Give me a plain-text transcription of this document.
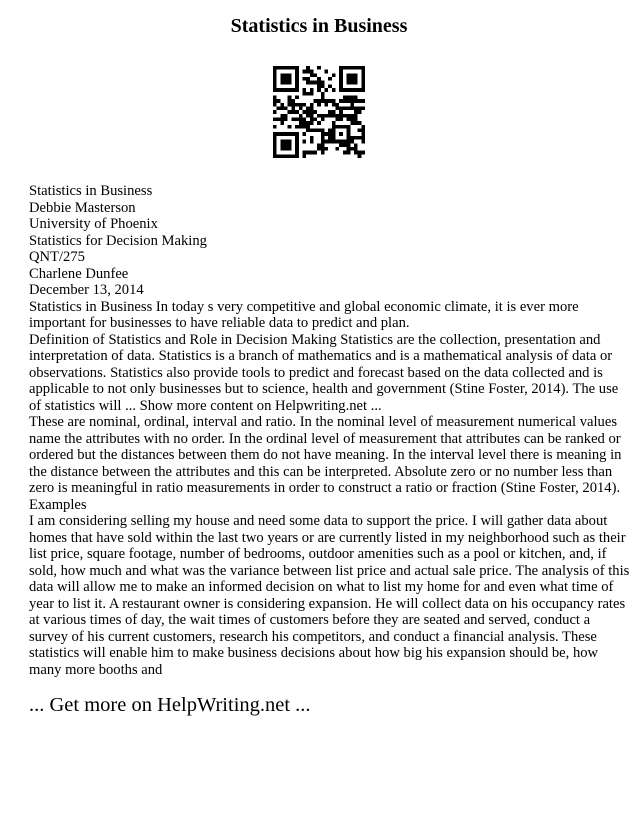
Statistics in Business
Statistics in Business
Debbie Masterson
University of Phoenix
Statistics for Decision Making
QNT/275
Charlene Dunfee
December 13, 2014
Statistics in Business In today s very competitive and global economic climate, it is ever more
important for businesses to have reliable data to predict and plan.
Definition of Statistics and Role in Decision Making Statistics are the collection, presentation and
interpretation of data. Statistics is a branch of mathematics and is a mathematical analysis of data or
observations. Statistics also provide tools to predict and forecast based on the data collected and is
applicable to not only businesses but to science, health and government (Stine Foster, 2014). The use
of statistics will ... Show more content on Helpwriting.net ...
These are nominal, ordinal, interval and ratio. In the nominal level of measurement numerical values
name the attributes with no order. In the ordinal level of measurement that attributes can be ranked or
ordered but the distances between them do not have meaning. In the interval level there is meaning in
the distance between the attributes and this can be interpreted. Absolute zero or no number less than
zero is meaningful in ratio measurements in order to construct a ratio or fraction (Stine Foster, 2014).
Examples
I am considering selling my house and need some data to support the price. I will gather data about
homes that have sold within the last two years or are currently listed in my neighborhood such as their
list price, square footage, number of bedrooms, outdoor amenities such as a pool or kitchen, and, if
sold, how much and what was the variance between list price and actual sale price. The analysis of this
data will allow me to make an informed decision on what to list my home for and even what time of
year to list it. A restaurant owner is considering expansion. He will collect data on his occupancy rates
at various times of day, the wait times of customers before they are seated and served, conduct a
survey of his current customers, research his competitors, and conduct a financial analysis. These
statistics will enable him to make business decisions about how big his expansion should be, how
many more booths and
... Get more on HelpWriting.net ...
